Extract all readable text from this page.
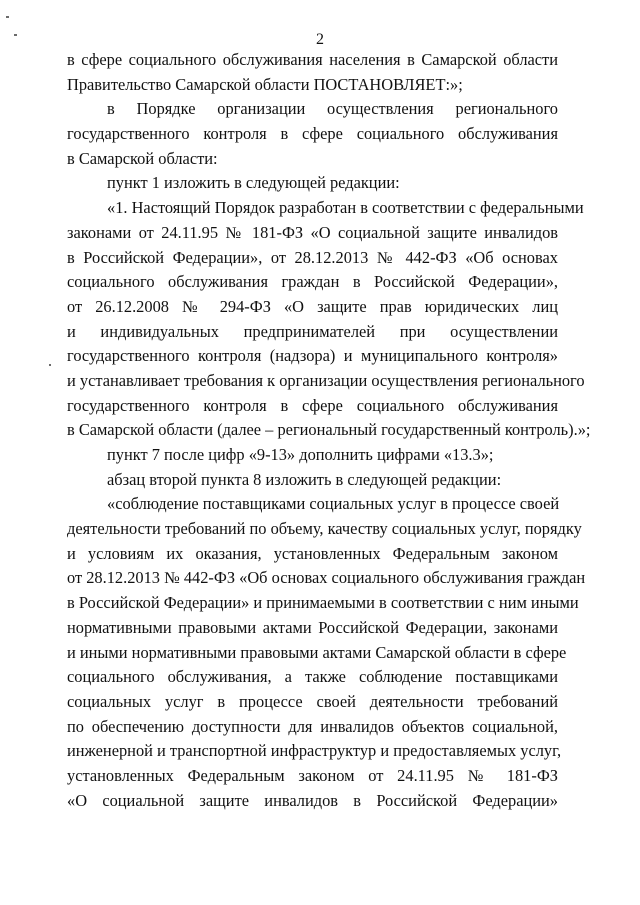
2
в сфере социального обслуживания населения в Самарской области
Правительство Самарской области ПОСТАНОВЛЯЕТ:»;
в Порядке организации осуществления регионального
государственного контроля в сфере социального обслуживания
в Самарской области:
пункт 1 изложить в следующей редакции:
«1. Настоящий Порядок разработан в соответствии с федеральными
законами от 24.11.95 № 181-ФЗ «О социальной защите инвалидов
в Российской Федерации», от 28.12.2013 № 442-ФЗ «Об основах
социального обслуживания граждан в Российской Федерации»,
от 26.12.2008 № 294-ФЗ «О защите прав юридических лиц
и индивидуальных предпринимателей при осуществлении
государственного контроля (надзора) и муниципального контроля»
и устанавливает требования к организации осуществления регионального
государственного контроля в сфере социального обслуживания
в Самарской области (далее – региональный государственный контроль).»;
пункт 7 после цифр «9-13» дополнить цифрами «13.3»;
абзац второй пункта 8 изложить в следующей редакции:
«соблюдение поставщиками социальных услуг в процессе своей
деятельности требований по объему, качеству социальных услуг, порядку
и условиям их оказания, установленных Федеральным законом
от 28.12.2013 № 442-ФЗ «Об основах социального обслуживания граждан
в Российской Федерации» и принимаемыми в соответствии с ним иными
нормативными правовыми актами Российской Федерации, законами
и иными нормативными правовыми актами Самарской области в сфере
социального обслуживания, а также соблюдение поставщиками
социальных услуг в процессе своей деятельности требований
по обеспечению доступности для инвалидов объектов социальной,
инженерной и транспортной инфраструктур и предоставляемых услуг,
установленных Федеральным законом от 24.11.95 № 181-ФЗ
«О социальной защите инвалидов в Российской Федерации»
